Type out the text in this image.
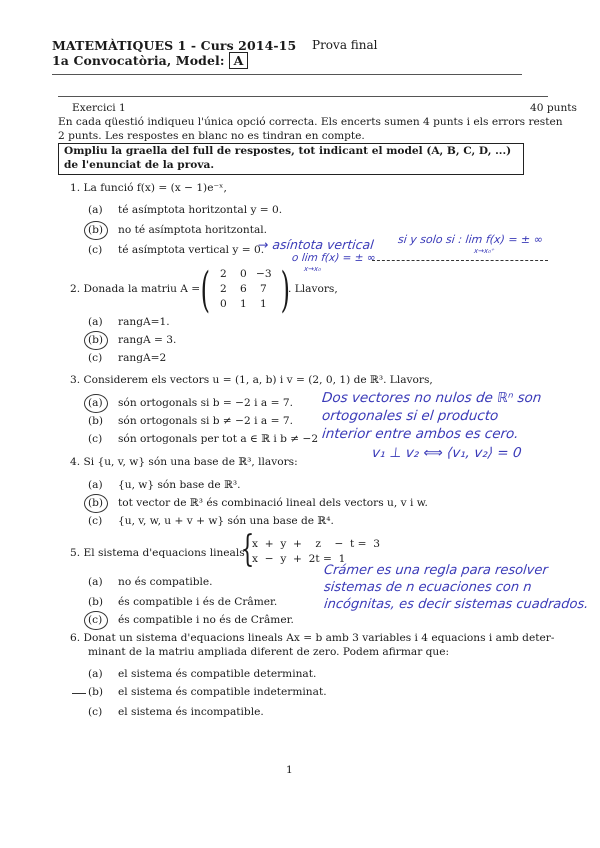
MATEMÀTIQUES 1 - Curs 2014-15 Prova final
1a Convocatòria, Model: A
Exercici 1	40 punts
En cada qüestió indiqueu l'única opció correcta. Els encerts sumen 4 punts i els errors resten
2 punts. Les respostes en blanc no es tindran en compte.
Ompliu la graella del full de respostes, tot indicant el model (A, B, C, D, ...)
de l'enunciat de la prova.
1. La funció f(x) = (x − 1)e⁻ˣ,
(a) té asímptota horitzontal y = 0.
(b) no té asímptota horitzontal.
(c) té asímptota vertical y = 0.
→ asíntota vertical
o lim f(x) = ± ∞
x→x₀
si y solo si : lim f(x) = ± ∞
x→x₀⁺
2. Donada la matriu A = ( )
2 0 −3
2 6 7
0 1 1
. Llavors,
(a) rangA=1.
(b) rangA = 3.
(c) rangA=2
3. Considerem els vectors u = (1, a, b) i v = (2, 0, 1) de ℝ³. Llavors,
(a) són ortogonals si b = −2 i a = 7.
(b) són ortogonals si b ≠ −2 i a = 7.
(c) són ortogonals per tot a ∈ ℝ i b ≠ −2
Dos vectores no nulos de ℝⁿ son
ortogonales si el producto
interior entre ambos es cero.
v₁ ⊥ v₂ ⟺ ⟨v₁, v₂⟩ = 0
4. Si {u, v, w} són una base de ℝ³, llavors:
(a) {u, w} són base de ℝ³.
(b) tot vector de ℝ³ és combinació lineal dels vectors u, v i w.
(c) {u, v, w, u + v + w} són una base de ℝ⁴.
5. El sistema d'equacions lineals
{
x  +  y  +    z    −  t =  3
x  −  y  +  2t =  1
(a) no és compatible.
(b) és compatible i és de Crâmer.
(c) és compatible i no és de Crâmer.
Crámer es una regla para resolver
sistemas de n ecuaciones con n
incógnitas, es decir sistemas cuadrados.
6. Donat un sistema d'equacions lineals Ax = b amb 3 variables i 4 equacions i amb deter-
minant de la matriu ampliada diferent de zero. Podem afirmar que:
(a) el sistema és compatible determinat.
(b) el sistema és compatible indeterminat.
(c) el sistema és incompatible.
1
